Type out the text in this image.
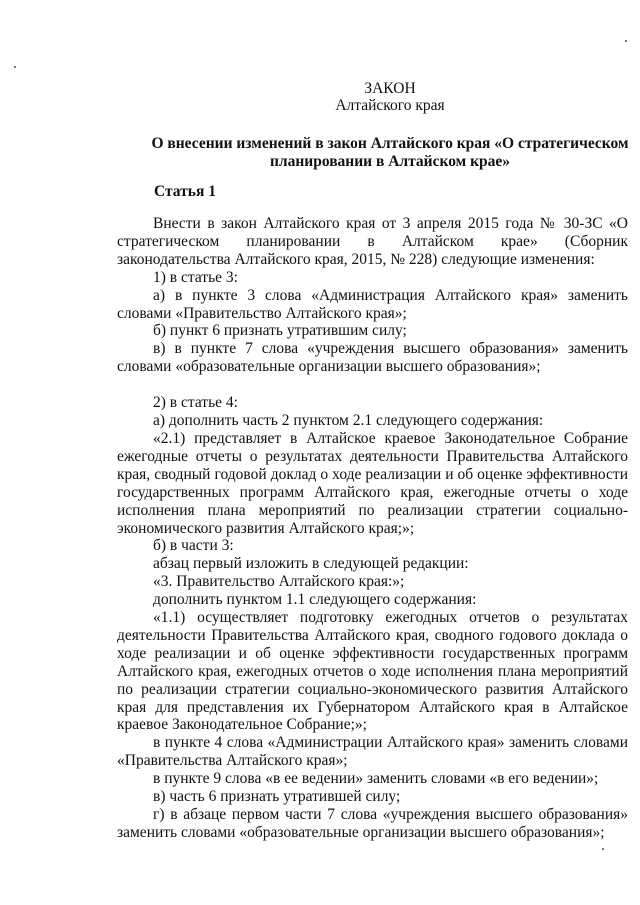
ЗАКОН
Алтайского края
О внесении изменений в закон Алтайского края «О стратегическом
планировании в Алтайском крае»
Статья 1

Внести в закон Алтайского края от 3 апреля 2015 года № 30-ЗС «О стратегическом планировании в Алтайском крае» (Сборник законодательства Алтайского края, 2015, № 228) следующие изменения:

1) в статье 3:

а) в пункте 3 слова «Администрация Алтайского края» заменить словами «Правительство Алтайского края»;

б) пункт 6 признать утратившим силу;

в) в пункте 7 слова «учреждения высшего образования» заменить словами «образовательные организации высшего образования»;

2) в статье 4:

а) дополнить часть 2 пунктом 2.1 следующего содержания:

«2.1) представляет в Алтайское краевое Законодательное Собрание ежегодные отчеты о результатах деятельности Правительства Алтайского края, сводный годовой доклад о ходе реализации и об оценке эффективности государственных программ Алтайского края, ежегодные отчеты о ходе исполнения плана мероприятий по реализации стратегии социально-экономического развития Алтайского края;»;

б) в части 3:

абзац первый изложить в следующей редакции:

«3. Правительство Алтайского края:»;

дополнить пунктом 1.1 следующего содержания:

«1.1) осуществляет подготовку ежегодных отчетов о результатах деятельности Правительства Алтайского края, сводного годового доклада о ходе реализации и об оценке эффективности государственных программ Алтайского края, ежегодных отчетов о ходе исполнения плана мероприятий по реализации стратегии социально-экономического развития Алтайского края для представления их Губернатором Алтайского края в Алтайское краевое Законодательное Собрание;»;

в пункте 4 слова «Администрации Алтайского края» заменить словами «Правительства Алтайского края»;

в пункте 9 слова «в ее ведении» заменить словами «в его ведении»;

в) часть 6 признать утратившей силу;

г) в абзаце первом части 7 слова «учреждения высшего образования» заменить словами «образовательные организации высшего образования»;
